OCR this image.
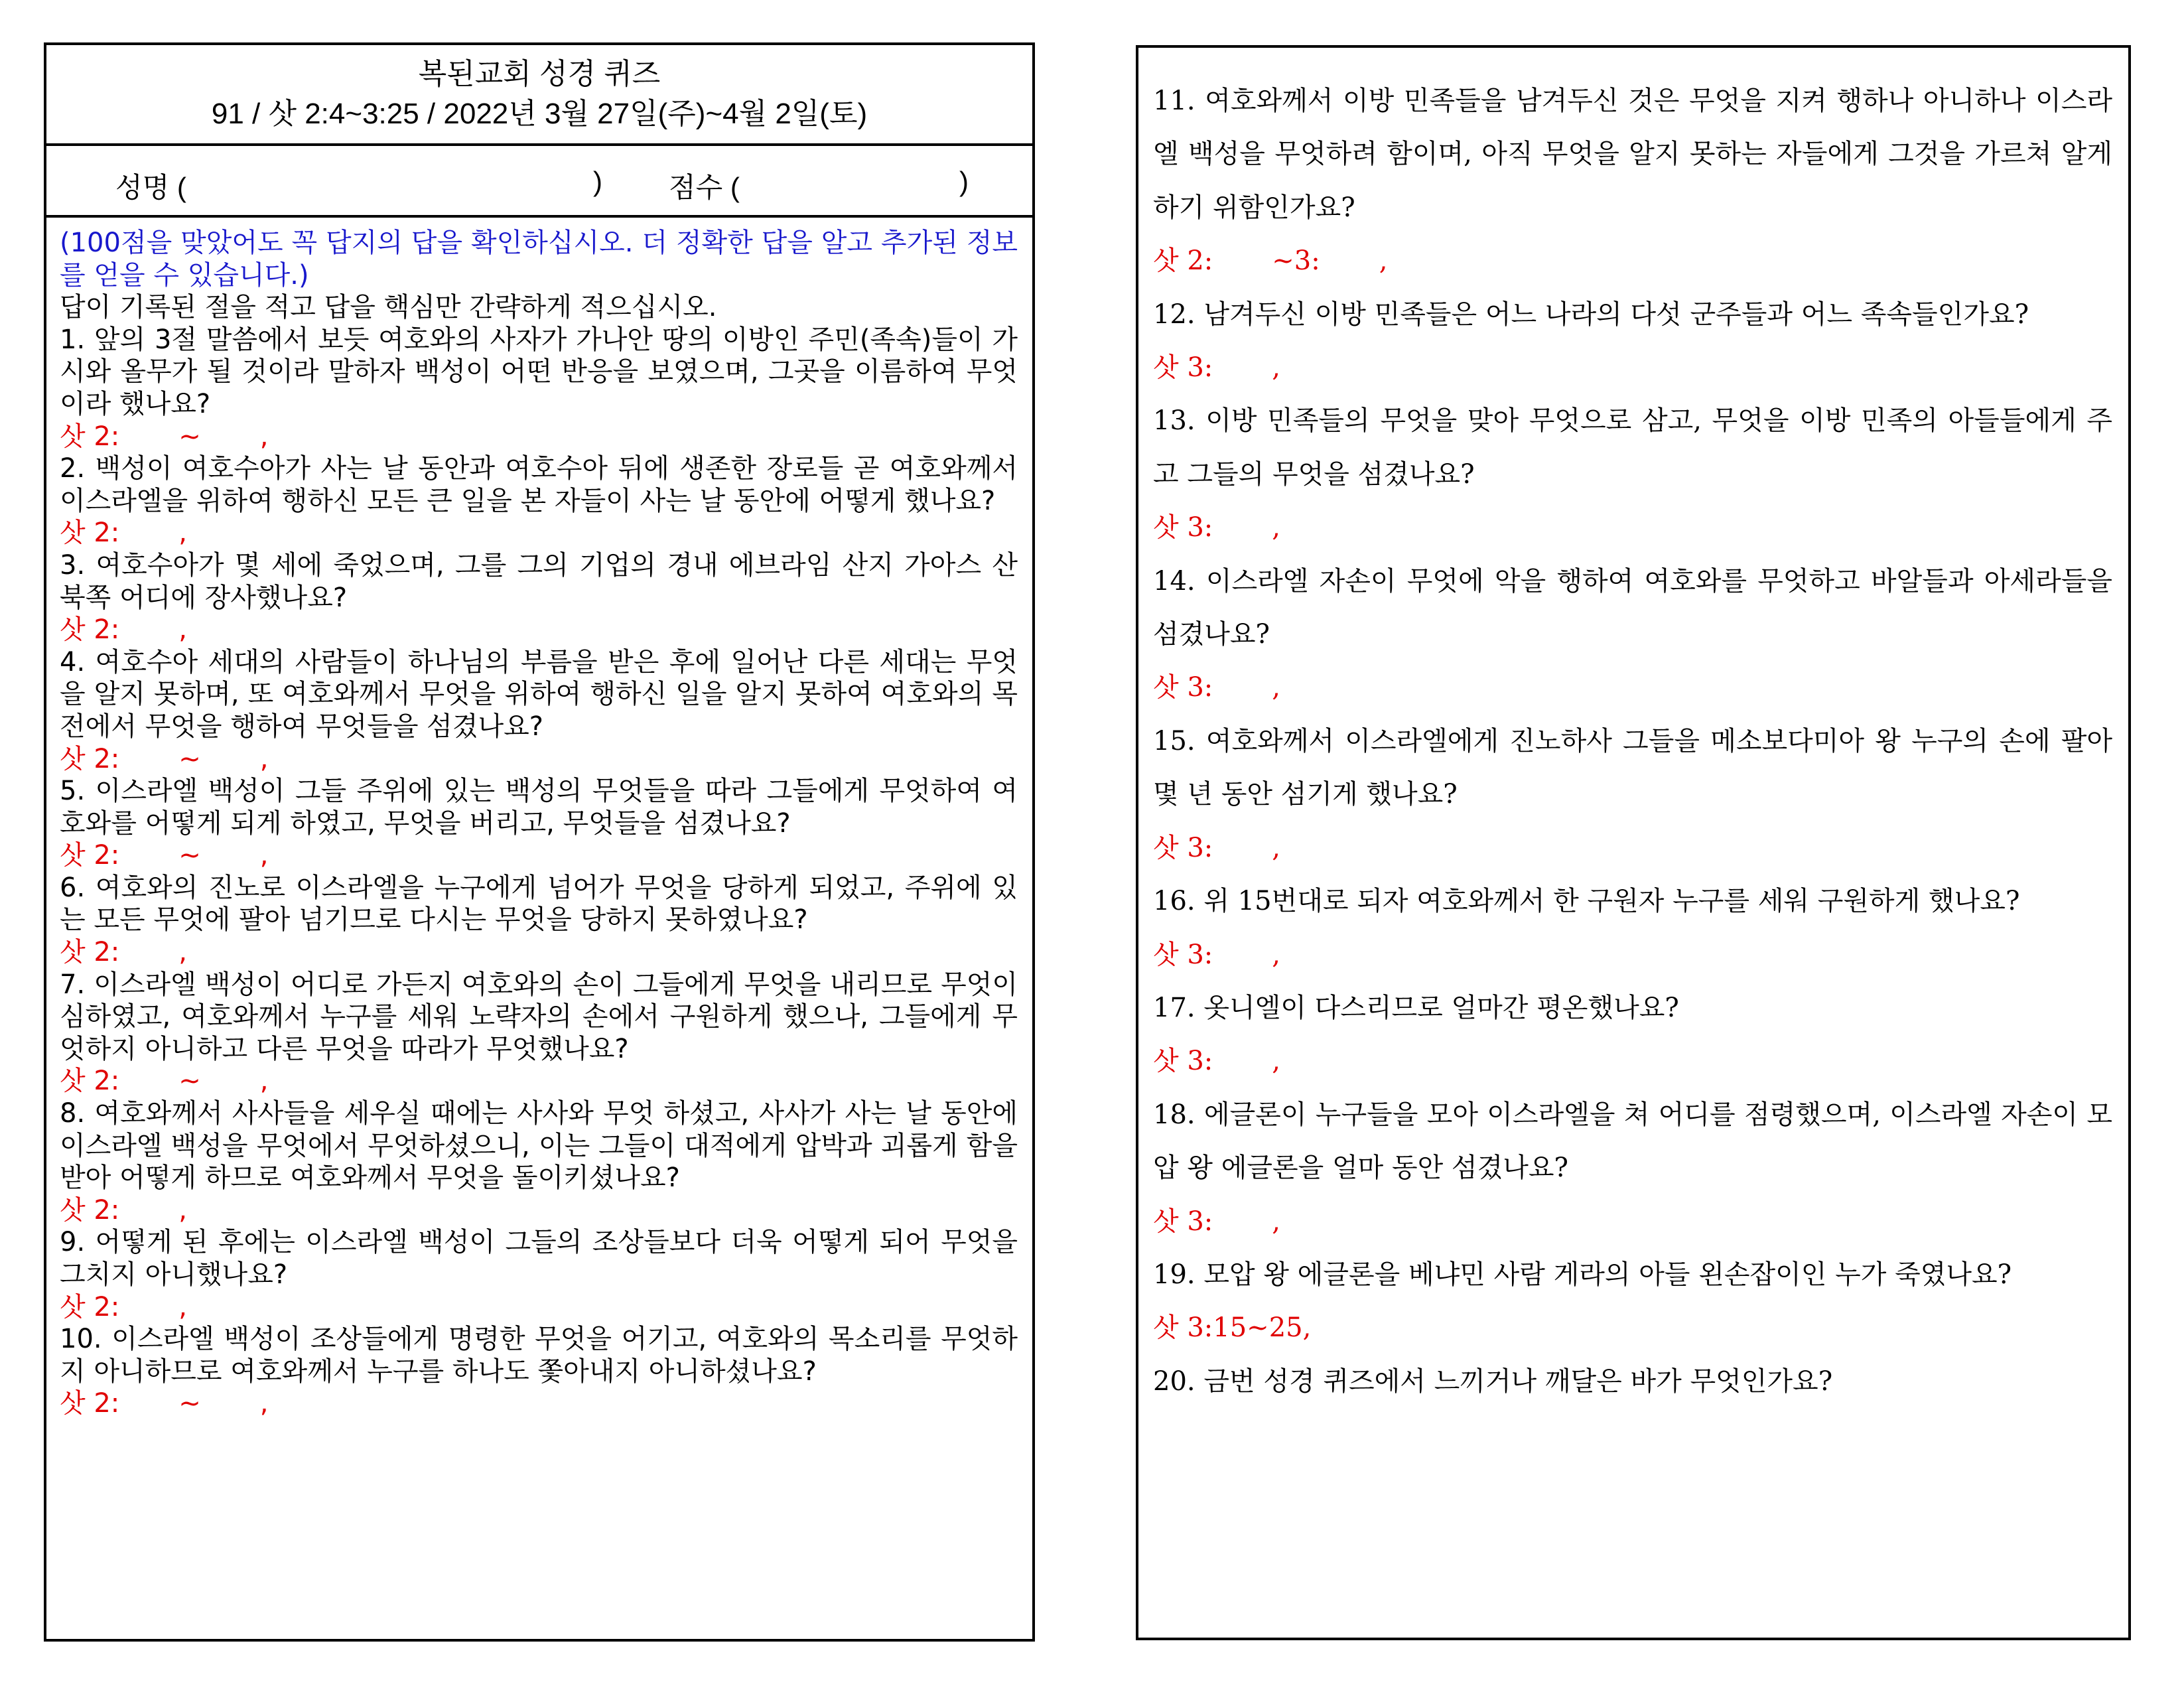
복된교회 성경 퀴즈
91 / 삿 2:4~3:25 / 2022년 3월 27일(주)~4월 2일(토)
성명 (	) 점수 (	)
(100점을 맞았어도 꼭 답지의 답을 확인하십시오. 더 정확한 답을 알고 추가된 정보를 얻을 수 있습니다.)
답이 기록된 절을 적고 답을 핵심만 간략하게 적으십시오.

1. 앞의 3절 말씀에서 보듯 여호와의 사자가 가나안 땅의 이방인 주민(족속)들이 가시와 올무가 될 것이라 말하자 백성이 어떤 반응을 보였으며, 그곳을 이름하여 무엇이라 했나요?

삿 2:       ~       ,

2. 백성이 여호수아가 사는 날 동안과 여호수아 뒤에 생존한 장로들 곧 여호와께서 이스라엘을 위하여 행하신 모든 큰 일을 본 자들이 사는 날 동안에 어떻게 했나요?

삿 2:       ,

3. 여호수아가 몇 세에 죽었으며, 그를 그의 기업의 경내 에브라임 산지 가아스 산 북쪽 어디에 장사했나요?

삿 2:       ,

4. 여호수아 세대의 사람들이 하나님의 부름을 받은 후에 일어난 다른 세대는 무엇을 알지 못하며, 또 여호와께서 무엇을 위하여 행하신 일을 알지 못하여 여호와의 목전에서 무엇을 행하여 무엇들을 섬겼나요?

삿 2:       ~       ,

5. 이스라엘 백성이 그들 주위에 있는 백성의 무엇들을 따라 그들에게 무엇하여 여호와를 어떻게 되게 하였고, 무엇을 버리고, 무엇들을 섬겼나요?

삿 2:       ~       ,

6. 여호와의 진노로 이스라엘을 누구에게 넘어가 무엇을 당하게 되었고, 주위에 있는 모든 무엇에 팔아 넘기므로 다시는 무엇을 당하지 못하였나요?

삿 2:       ,

7. 이스라엘 백성이 어디로 가든지 여호와의 손이 그들에게 무엇을 내리므로 무엇이 심하였고, 여호와께서 누구를 세워 노략자의 손에서 구원하게 했으나, 그들에게 무엇하지 아니하고 다른 무엇을 따라가 무엇했나요?

삿 2:       ~       ,

8. 여호와께서 사사들을 세우실 때에는 사사와 무엇 하셨고, 사사가 사는 날 동안에 이스라엘 백성을 무엇에서 무엇하셨으니, 이는 그들이 대적에게 압박과 괴롭게 함을 받아 어떻게 하므로 여호와께서 무엇을 돌이키셨나요?

삿 2:       ,

9. 어떻게 된 후에는 이스라엘 백성이 그들의 조상들보다 더욱 어떻게 되어 무엇을 그치지 아니했나요?

삿 2:       ,

10. 이스라엘 백성이 조상들에게 명령한 무엇을 어기고, 여호와의 목소리를 무엇하지 아니하므로 여호와께서 누구를 하나도 쫓아내지 아니하셨나요?

삿 2:       ~       ,

11. 여호와께서 이방 민족들을 남겨두신 것은 무엇을 지켜 행하나 아니하나 이스라엘 백성을 무엇하려 함이며, 아직 무엇을 알지 못하는 자들에게 그것을 가르쳐 알게 하기 위함인가요?

삿 2:       ~3:       ,

12. 남겨두신 이방 민족들은 어느 나라의 다섯 군주들과 어느 족속들인가요?

삿 3:       ,

13. 이방 민족들의 무엇을 맞아 무엇으로 삼고, 무엇을 이방 민족의 아들들에게 주고 그들의 무엇을 섬겼나요?

삿 3:       ,

14. 이스라엘 자손이 무엇에 악을 행하여 여호와를 무엇하고 바알들과 아세라들을 섬겼나요?

삿 3:       ,

15. 여호와께서 이스라엘에게 진노하사 그들을 메소보다미아 왕 누구의 손에 팔아 몇 년 동안 섬기게 했나요?

삿 3:       ,

16. 위 15번대로 되자 여호와께서 한 구원자 누구를 세워 구원하게 했나요?

삿 3:       ,

17. 옷니엘이 다스리므로 얼마간 평온했나요?

삿 3:       ,

18. 에글론이 누구들을 모아 이스라엘을 쳐 어디를 점령했으며, 이스라엘 자손이 모압 왕 에글론을 얼마 동안 섬겼나요?

삿 3:       ,

19. 모압 왕 에글론을 베냐민 사람 게라의 아들 왼손잡이인 누가 죽였나요?

삿 3:15~25,

20. 금번 성경 퀴즈에서 느끼거나 깨달은 바가 무엇인가요?
